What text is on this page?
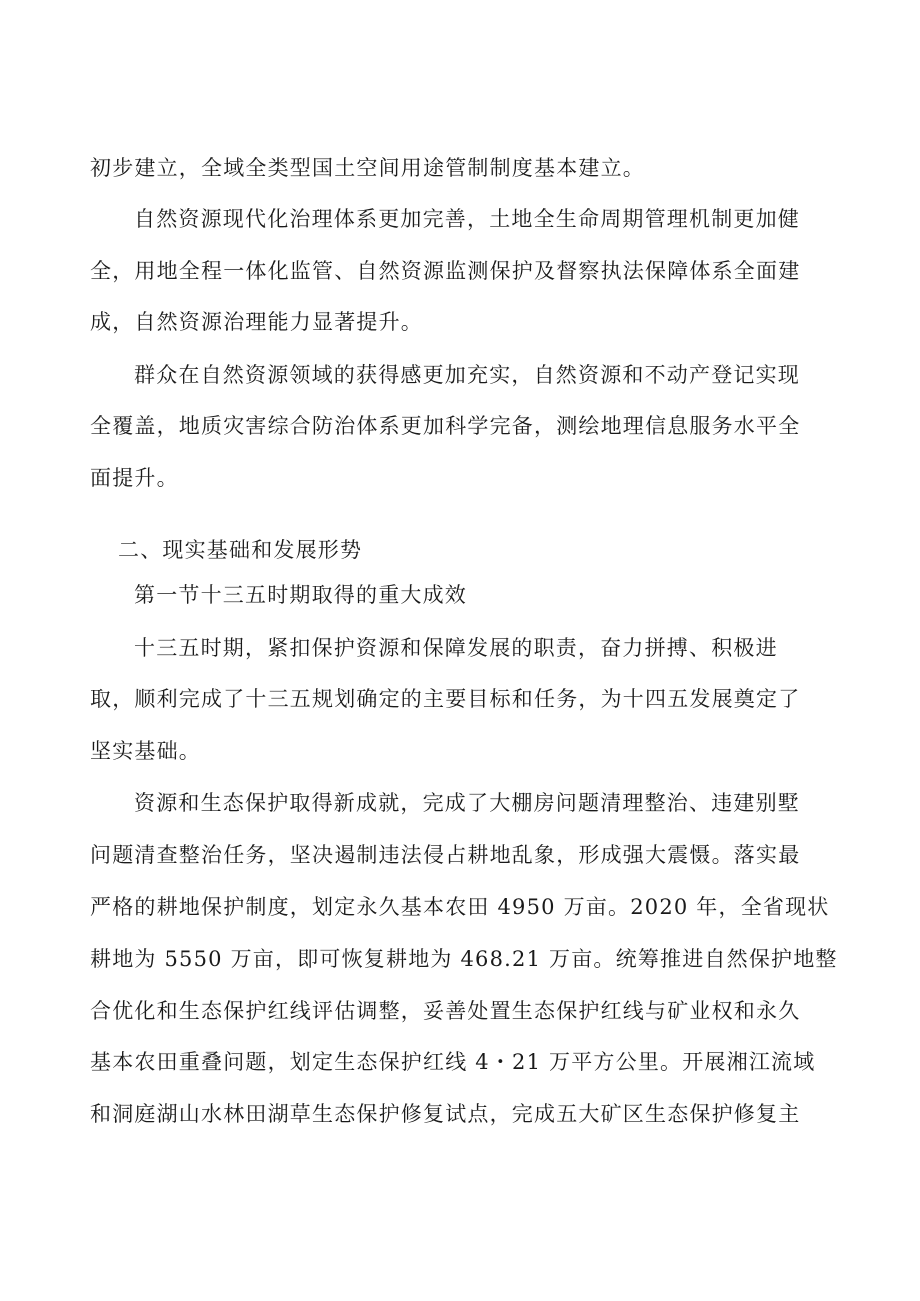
初步建立，全域全类型国土空间用途管制制度基本建立。
自然资源现代化治理体系更加完善，土地全生命周期管理机制更加健
全，用地全程一体化监管、自然资源监测保护及督察执法保障体系全面建
成，自然资源治理能力显著提升。
群众在自然资源领域的获得感更加充实，自然资源和不动产登记实现
全覆盖，地质灾害综合防治体系更加科学完备，测绘地理信息服务水平全
面提升。
二、现实基础和发展形势
第一节十三五时期取得的重大成效
十三五时期，紧扣保护资源和保障发展的职责，奋力拼搏、积极进
取，顺利完成了十三五规划确定的主要目标和任务，为十四五发展奠定了
坚实基础。
资源和生态保护取得新成就，完成了大棚房问题清理整治、违建别墅
问题清查整治任务，坚决遏制违法侵占耕地乱象，形成强大震慑。落实最
严格的耕地保护制度，划定永久基本农田 4950 万亩。2020 年，全省现状
耕地为 5550 万亩，即可恢复耕地为 468.21 万亩。统筹推进自然保护地整
合优化和生态保护红线评估调整，妥善处置生态保护红线与矿业权和永久
基本农田重叠问题，划定生态保护红线 4・21 万平方公里。开展湘江流域
和洞庭湖山水林田湖草生态保护修复试点，完成五大矿区生态保护修复主
